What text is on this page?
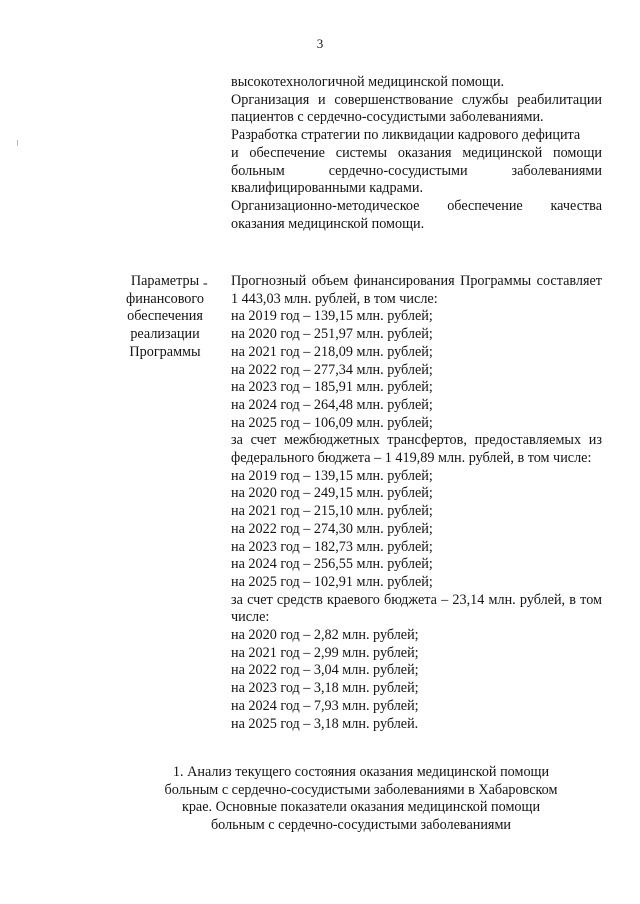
3

высокотехнологичной медицинской помощи.

Организация и совершенствование службы реабилитации пациентов с сердечно-сосудистыми заболеваниями.

Разработка стратегии по ликвидации кадрового дефицита

и обеспечение системы оказания медицинской помощи больным сердечно-сосудистыми заболеваниями квалифицированными кадрами.

Организационно-методическое обеспечение качества оказания медицинской помощи.

Параметры
финансового
обеспечения
реализации
Программы
- Прогнозный объем финансирования Программы составляет 1 443,03 млн. рублей, в том числе:

на 2019 год – 139,15 млн. рублей;
на 2020 год – 251,97 млн. рублей;
на 2021 год – 218,09 млн. рублей;
на 2022 год – 277,34 млн. рублей;
на 2023 год – 185,91 млн. рублей;
на 2024 год – 264,48 млн. рублей;
на 2025 год – 106,09 млн. рублей;

за счет межбюджетных трансфертов, предоставляемых из федерального бюджета – 1 419,89 млн. рублей, в том числе:

на 2019 год – 139,15 млн. рублей;
на 2020 год – 249,15 млн. рублей;
на 2021 год – 215,10 млн. рублей;
на 2022 год – 274,30 млн. рублей;
на 2023 год – 182,73 млн. рублей;
на 2024 год – 256,55 млн. рублей;
на 2025 год – 102,91 млн. рублей;

за счет средств краевого бюджета – 23,14 млн. рублей, в том числе:

на 2020 год – 2,82 млн. рублей;
на 2021 год – 2,99 млн. рублей;
на 2022 год – 3,04 млн. рублей;
на 2023 год – 3,18 млн. рублей;
на 2024 год – 7,93 млн. рублей;
на 2025 год – 3,18 млн. рублей.
1. Анализ текущего состояния оказания медицинской помощи
больным с сердечно-сосудистыми заболеваниями в Хабаровском
крае. Основные показатели оказания медицинской помощи
больным с сердечно-сосудистыми заболеваниями
